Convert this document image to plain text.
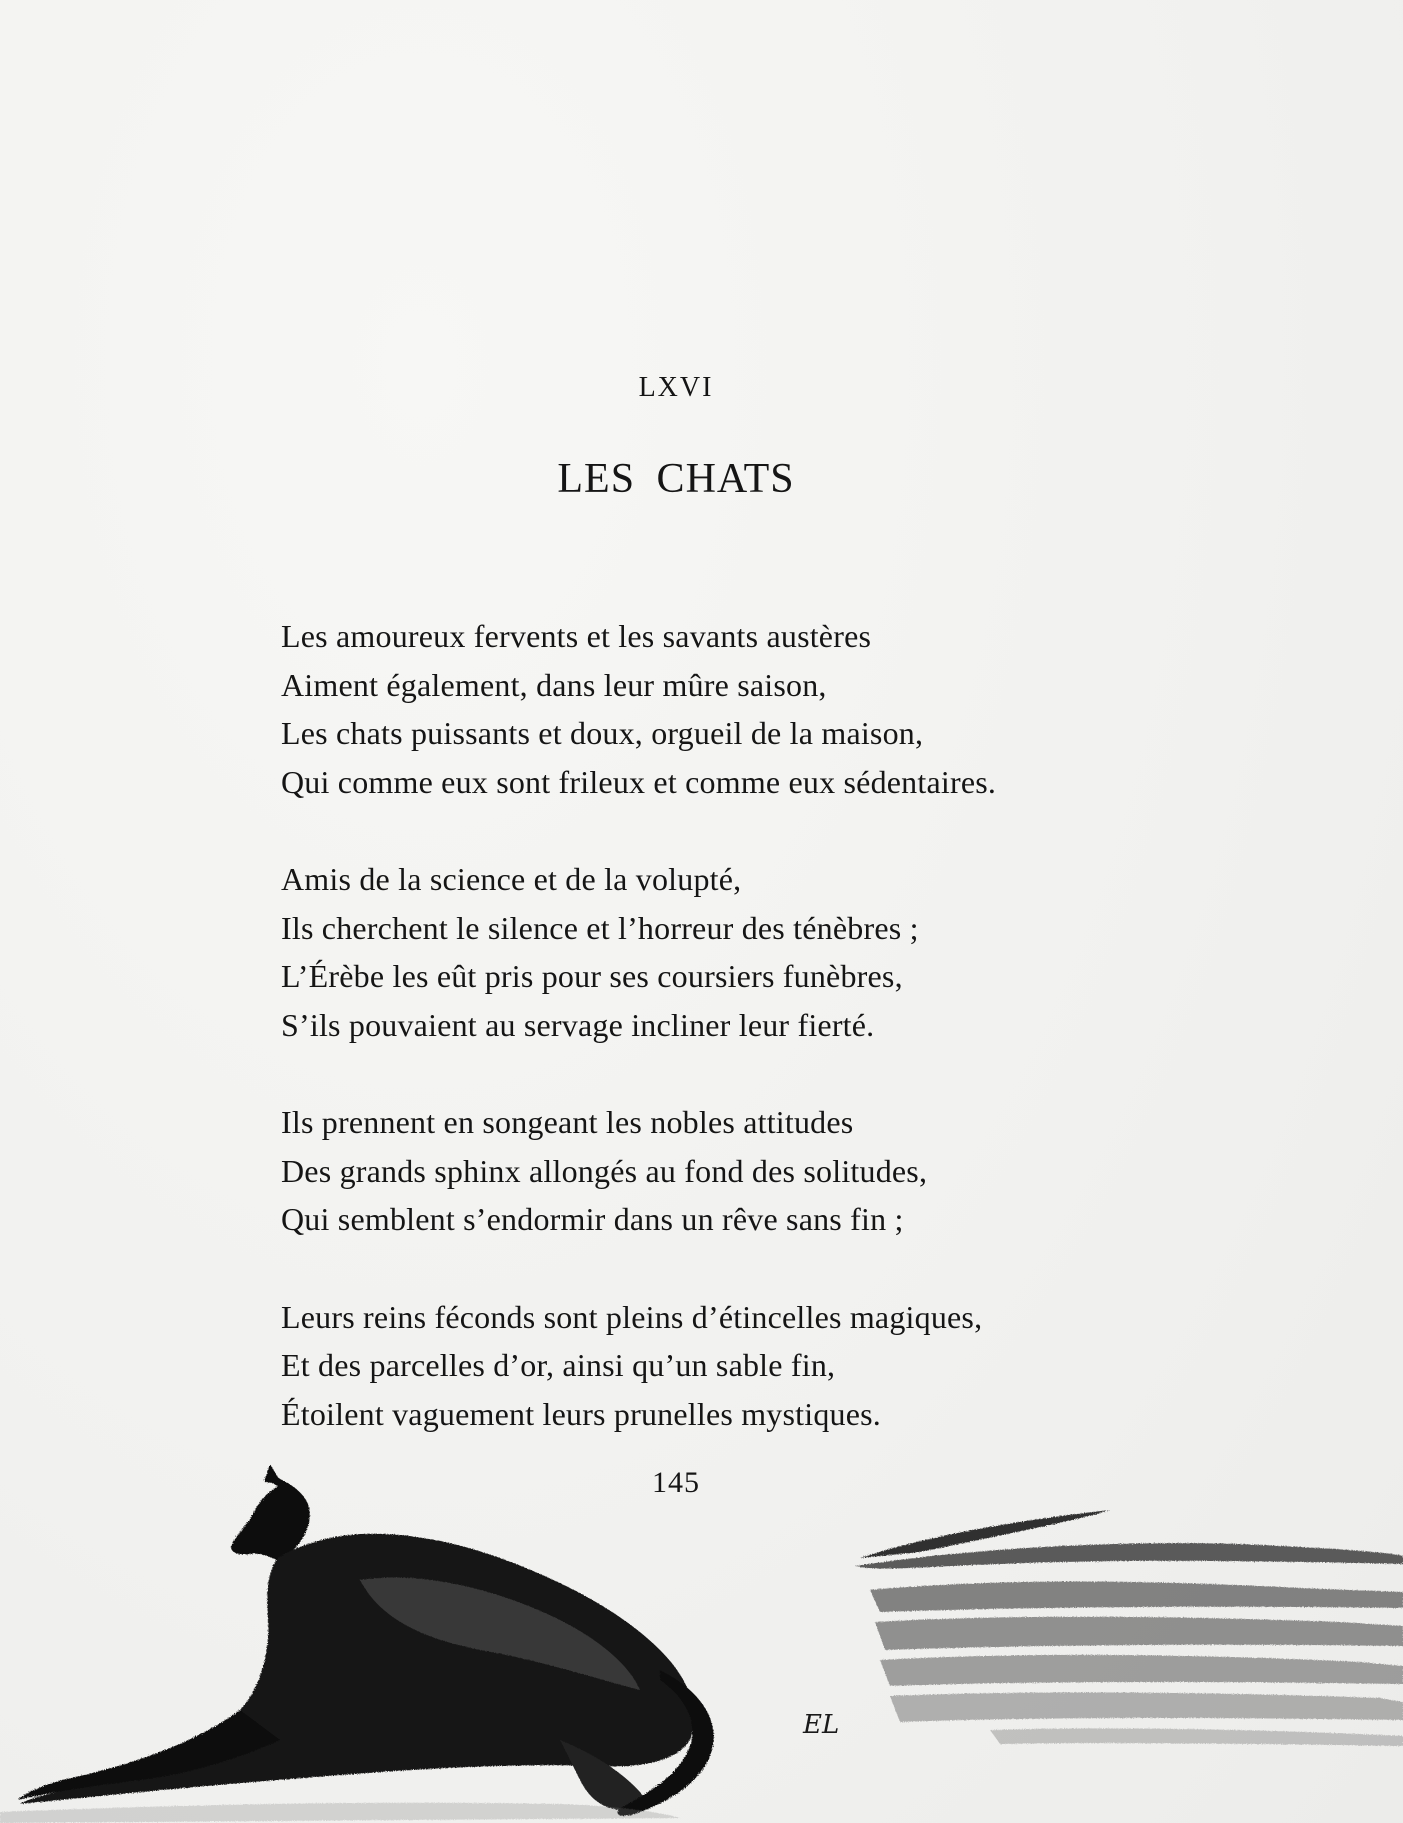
LXVI
LES CHATS
Les amoureux fervents et les savants austères
Aiment également, dans leur mûre saison,
Les chats puissants et doux, orgueil de la maison,
Qui comme eux sont frileux et comme eux sédentaires.
Amis de la science et de la volupté,
Ils cherchent le silence et l’horreur des ténèbres ;
L’Érèbe les eût pris pour ses coursiers funèbres,
S’ils pouvaient au servage incliner leur fierté.
Ils prennent en songeant les nobles attitudes
Des grands sphinx allongés au fond des solitudes,
Qui semblent s’endormir dans un rêve sans fin ;
Leurs reins féconds sont pleins d’étincelles magiques,
Et des parcelles d’or, ainsi qu’un sable fin,
Étoilent vaguement leurs prunelles mystiques.
145
EL
